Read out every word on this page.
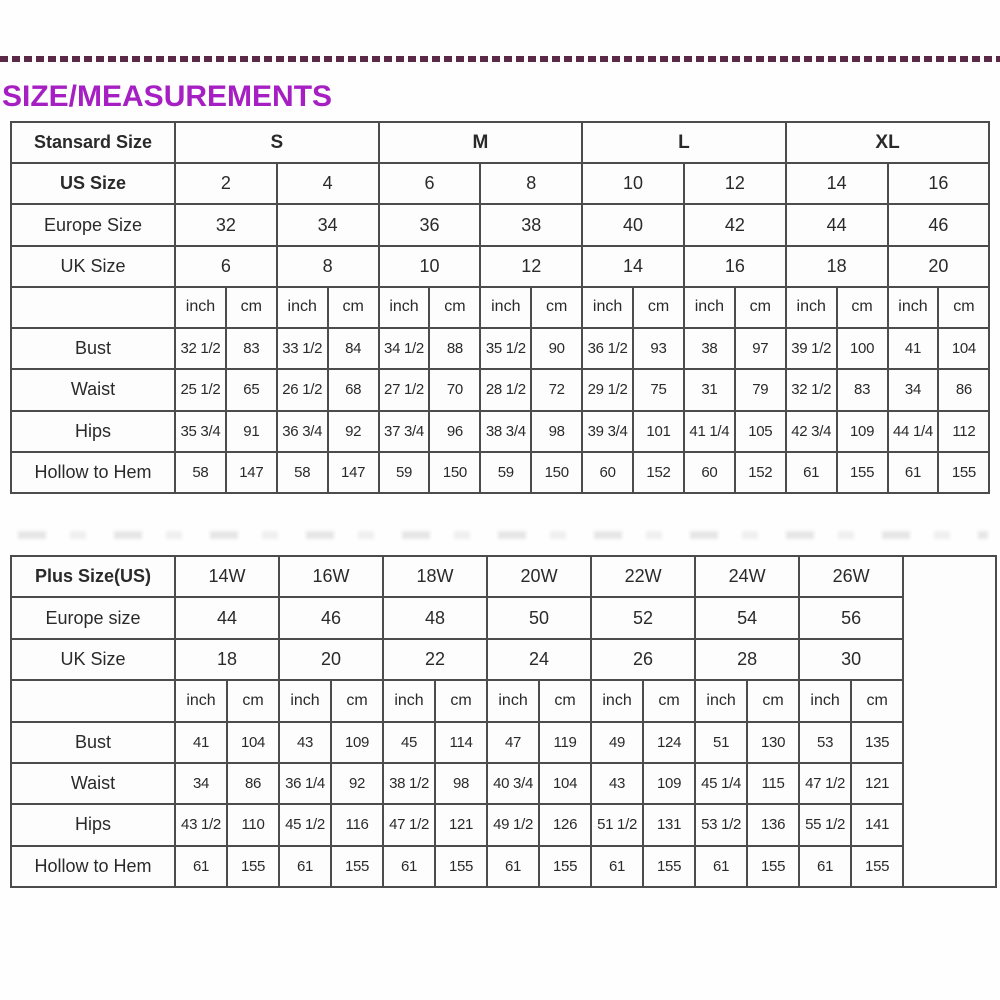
SIZE/MEASUREMENTS
Stansard Size	S				M				L				XL			
US Size	2		4		6		8		10		12		14		16	
Europe Size	32		34		36		38		40		42		44		46	
UK Size	6		8		10		12		14		16		18		20	
	inch	cm	inch	cm	inch	cm	inch	cm	inch	cm	inch	cm	inch	cm	inch	cm
Bust	32 1/2	83	33 1/2	84	34 1/2	88	35 1/2	90	36 1/2	93	38	97	39 1/2	100	41	104
Waist	25 1/2	65	26 1/2	68	27 1/2	70	28 1/2	72	29 1/2	75	31	79	32 1/2	83	34	86
Hips	35 3/4	91	36 3/4	92	37 3/4	96	38 3/4	98	39 3/4	101	41 1/4	105	42 3/4	109	44 1/4	112
Hollow to Hem	58	147	58	147	59	150	59	150	60	152	60	152	61	155	61	155
Plus Size(US)	14W		16W		18W		20W		22W		24W		26W		
Europe size	44		46		48		50		52		54		56		
UK Size	18		20		22		24		26		28		30		
	inch	cm	inch	cm	inch	cm	inch	cm	inch	cm	inch	cm	inch	cm	
Bust	41	104	43	109	45	114	47	119	49	124	51	130	53	135	
Waist	34	86	36 1/4	92	38 1/2	98	40 3/4	104	43	109	45 1/4	115	47 1/2	121	
Hips	43 1/2	110	45 1/2	116	47 1/2	121	49 1/2	126	51 1/2	131	53 1/2	136	55 1/2	141	
Hollow to Hem	61	155	61	155	61	155	61	155	61	155	61	155	61	155	
